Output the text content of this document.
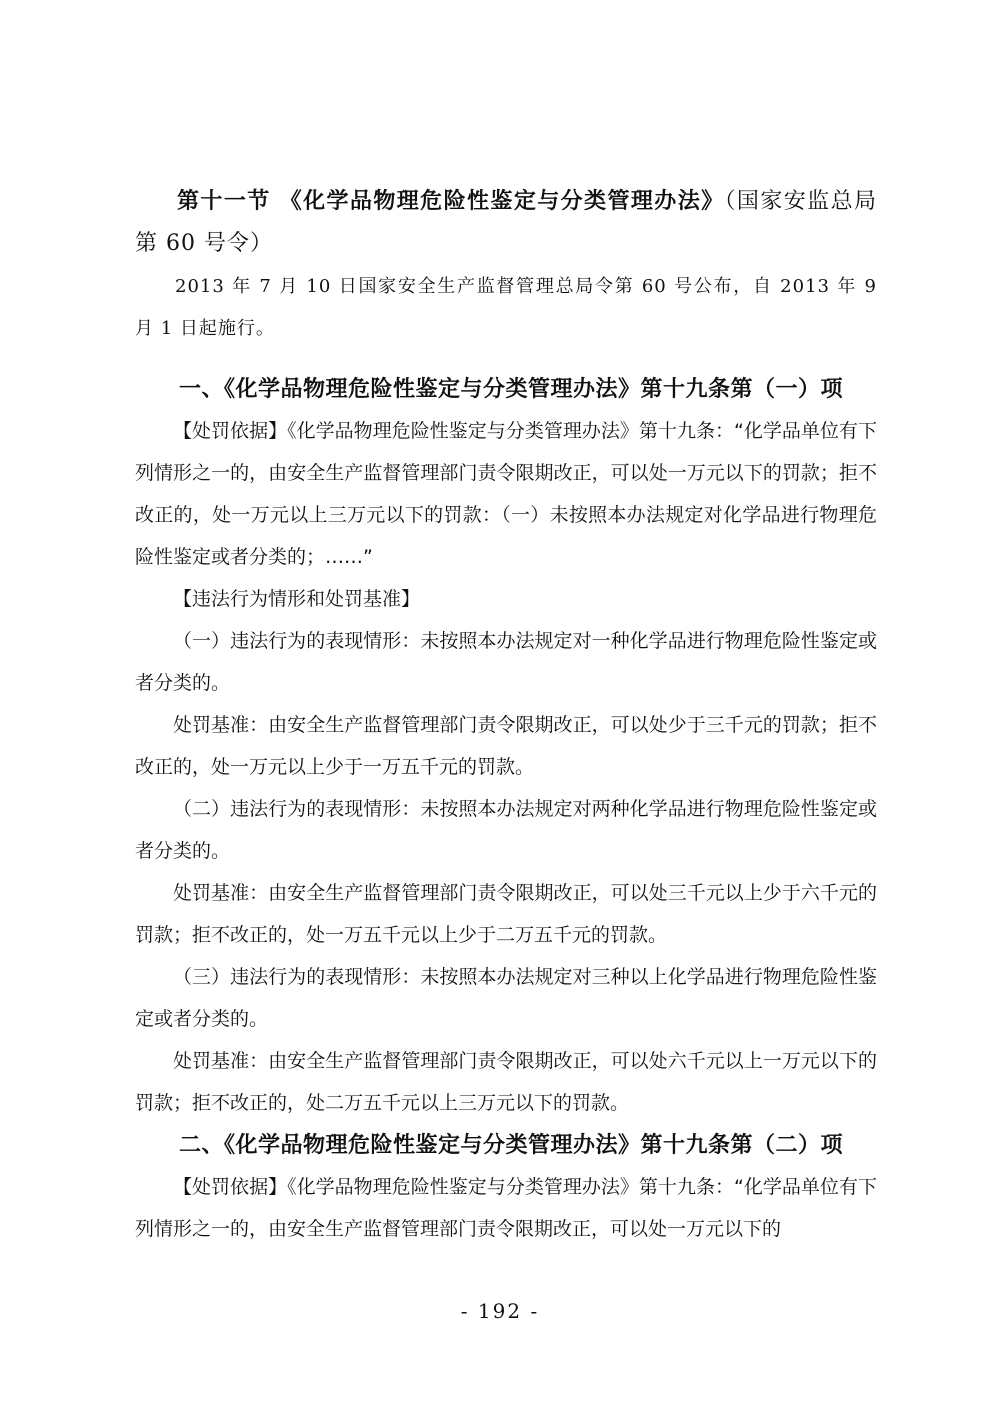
第十一节 《化学品物理危险性鉴定与分类管理办法》（国家安监总局第 60 号令）

2013 年 7 月 10 日国家安全生产监督管理总局令第 60 号公布，自 2013 年 9 月 1 日起施行。

一、《化学品物理危险性鉴定与分类管理办法》第十九条第（一）项

【处罚依据】《化学品物理危险性鉴定与分类管理办法》第十九条：“化学品单位有下列情形之一的，由安全生产监督管理部门责令限期改正，可以处一万元以下的罚款；拒不改正的，处一万元以上三万元以下的罚款：（一）未按照本办法规定对化学品进行物理危险性鉴定或者分类的；……”

【违法行为情形和处罚基准】

（一）违法行为的表现情形：未按照本办法规定对一种化学品进行物理危险性鉴定或者分类的。

处罚基准：由安全生产监督管理部门责令限期改正，可以处少于三千元的罚款；拒不改正的，处一万元以上少于一万五千元的罚款。

（二）违法行为的表现情形：未按照本办法规定对两种化学品进行物理危险性鉴定或者分类的。

处罚基准：由安全生产监督管理部门责令限期改正，可以处三千元以上少于六千元的罚款；拒不改正的，处一万五千元以上少于二万五千元的罚款。

（三）违法行为的表现情形：未按照本办法规定对三种以上化学品进行物理危险性鉴定或者分类的。

处罚基准：由安全生产监督管理部门责令限期改正，可以处六千元以上一万元以下的罚款；拒不改正的，处二万五千元以上三万元以下的罚款。

二、《化学品物理危险性鉴定与分类管理办法》第十九条第（二）项

【处罚依据】《化学品物理危险性鉴定与分类管理办法》第十九条：“化学品单位有下列情形之一的，由安全生产监督管理部门责令限期改正，可以处一万元以下的

- 192 -
